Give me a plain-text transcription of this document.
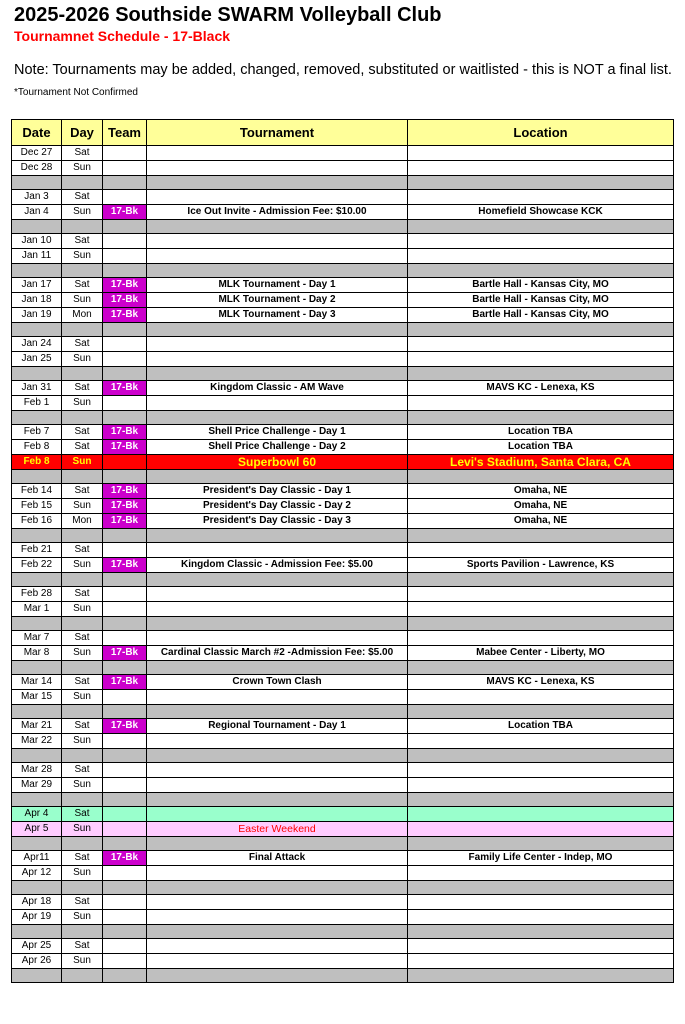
2025-2026 Southside SWARM Volleyball Club
Tournamnet Schedule - 17-Black
Note: Tournaments may be added, changed, removed, substituted or waitlisted - this is NOT a final list.
*Tournament Not Confirmed
Date	Day	Team	Tournament	Location
Dec 27	Sat			
Dec 28	Sun			

Jan 3	Sat			
Jan 4	Sun	17-Bk	Ice Out Invite - Admission Fee: $10.00	Homefield Showcase KCK

Jan 10	Sat			
Jan 11	Sun			

Jan 17	Sat	17-Bk	MLK Tournament - Day 1	Bartle Hall - Kansas City, MO
Jan 18	Sun	17-Bk	MLK Tournament - Day 2	Bartle Hall - Kansas City, MO
Jan 19	Mon	17-Bk	MLK Tournament - Day 3	Bartle Hall - Kansas City, MO

Jan 24	Sat			
Jan 25	Sun			

Jan 31	Sat	17-Bk	Kingdom Classic - AM Wave	MAVS KC - Lenexa, KS
Feb 1	Sun			

Feb 7	Sat	17-Bk	Shell Price Challenge - Day 1	Location TBA
Feb 8	Sat	17-Bk	Shell Price Challenge - Day 2	Location TBA
Feb 8	Sun		Superbowl 60	Levi's Stadium, Santa Clara, CA

Feb 14	Sat	17-Bk	President's Day Classic - Day 1	Omaha, NE
Feb 15	Sun	17-Bk	President's Day Classic - Day 2	Omaha, NE
Feb 16	Mon	17-Bk	President's Day Classic - Day 3	Omaha, NE

Feb 21	Sat			
Feb 22	Sun	17-Bk	Kingdom Classic - Admission Fee: $5.00	Sports Pavilion - Lawrence, KS

Feb 28	Sat			
Mar 1	Sun			

Mar 7	Sat			
Mar 8	Sun	17-Bk	Cardinal Classic March #2 -Admission Fee: $5.00	Mabee Center - Liberty, MO

Mar 14	Sat	17-Bk	Crown Town Clash	MAVS KC - Lenexa, KS
Mar 15	Sun			

Mar 21	Sat	17-Bk	Regional Tournament - Day 1	Location TBA
Mar 22	Sun			

Mar 28	Sat			
Mar 29	Sun			

Apr 4	Sat			
Apr 5	Sun		Easter Weekend	

Apr11	Sat	17-Bk	Final Attack	Family Life Center - Indep, MO
Apr 12	Sun			

Apr 18	Sat			
Apr 19	Sun			

Apr 25	Sat			
Apr 26	Sun			
